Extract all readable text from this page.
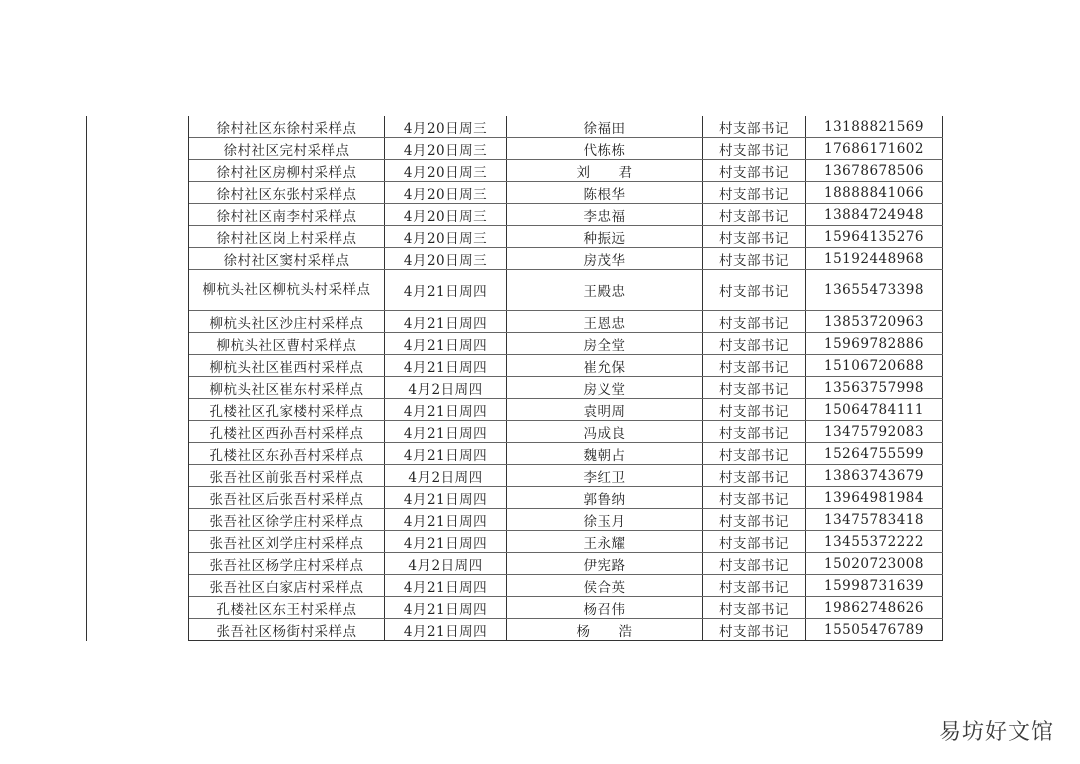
	徐村社区东徐村采样点	4月20日周三	徐福田	村支部书记	13188821569
	徐村社区完村采样点	4月20日周三	代栋栋	村支部书记	17686171602
	徐村社区房柳村采样点	4月20日周三	刘　　君	村支部书记	13678678506
	徐村社区东张村采样点	4月20日周三	陈根华	村支部书记	18888841066
	徐村社区南李村采样点	4月20日周三	李忠福	村支部书记	13884724948
	徐村社区岗上村采样点	4月20日周三	种振远	村支部书记	15964135276
	徐村社区窦村采样点	4月20日周三	房茂华	村支部书记	15192448968
	柳杭头社区柳杭头村采样点	4月21日周四	王殿忠	村支部书记	13655473398
	柳杭头社区沙庄村采样点	4月21日周四	王恩忠	村支部书记	13853720963
	柳杭头社区曹村采样点	4月21日周四	房全堂	村支部书记	15969782886
	柳杭头社区崔西村采样点	4月21日周四	崔允保	村支部书记	15106720688
	柳杭头社区崔东村采样点	4月2日周四	房义堂	村支部书记	13563757998
	孔楼社区孔家楼村采样点	4月21日周四	袁明周	村支部书记	15064784111
	孔楼社区西孙吾村采样点	4月21日周四	冯成良	村支部书记	13475792083
	孔楼社区东孙吾村采样点	4月21日周四	魏朝占	村支部书记	15264755599
	张吾社区前张吾村采样点	4月2日周四	李红卫	村支部书记	13863743679
	张吾社区后张吾村采样点	4月21日周四	郭鲁纳	村支部书记	13964981984
	张吾社区徐学庄村采样点	4月21日周四	徐玉月	村支部书记	13475783418
	张吾社区刘学庄村采样点	4月21日周四	王永耀	村支部书记	13455372222
	张吾社区杨学庄村采样点	4月2日周四	伊宪路	村支部书记	15020723008
	张吾社区白家店村采样点	4月21日周四	侯合英	村支部书记	15998731639
	孔楼社区东王村采样点	4月21日周四	杨召伟	村支部书记	19862748626
	张吾社区杨街村采样点	4月21日周四	杨　　浩	村支部书记	15505476789
易坊好文馆
